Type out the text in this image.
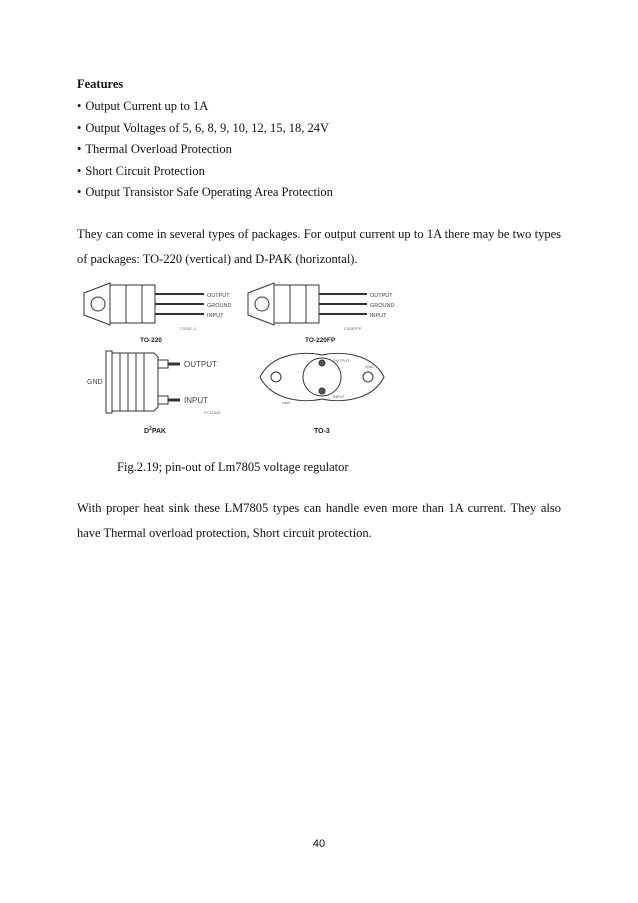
Features
• Output Current up to 1A
• Output Voltages of 5, 6, 8, 9, 10, 12, 15, 18, 24V
• Thermal Overload Protection
• Short Circuit Protection
• Output Transistor Safe Operating Area Protection

They can come in several types of packages. For output current up to 1A there may be two types of packages: TO-220 (vertical) and D-PAK (horizontal).

OUTPUT
GROUND
INPUT
CS057-3
TO-220
OUTPUT
GROUND
INPUT
CS057FP
TO-220FP
GND
OUTPUT
INPUT
PC11920
$D^2PAK$
OUTPUT
GND
INPUT
case
TO-3
Fig.2.19; pin-out of Lm7805 voltage regulator

With proper heat sink these LM7805 types can handle even more than 1A current. They also have Thermal overload protection, Short circuit protection.

40
